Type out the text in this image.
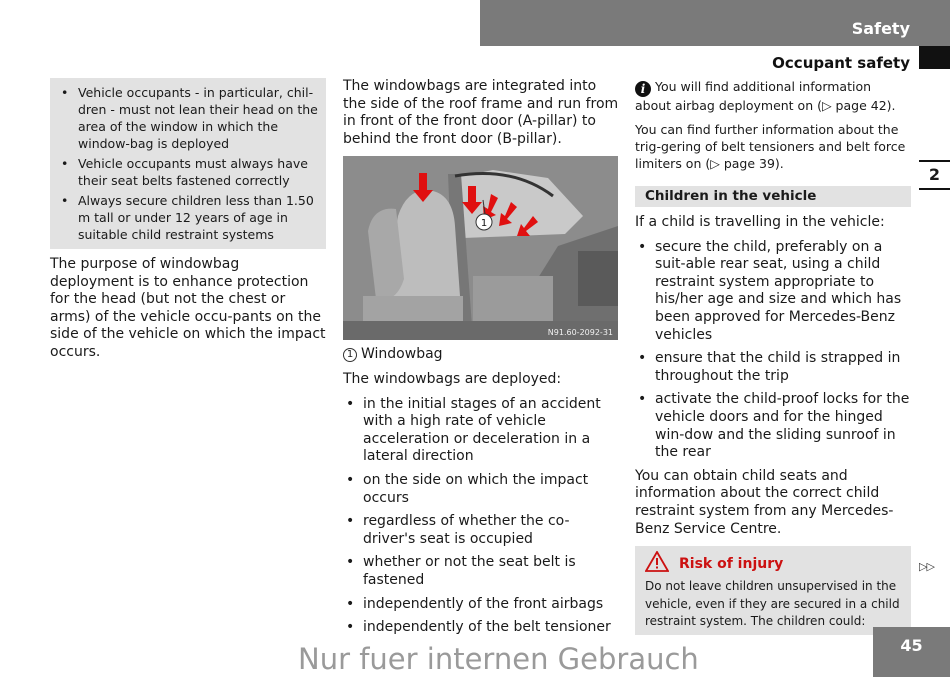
Safety
Occupant safety
2
• Vehicle occupants - in particular, chil-dren - must not lean their head on the area of the window in which the window-bag is deployed
• Vehicle occupants must always have their seat belts fastened correctly
• Always secure children less than 1.50 m tall or under 12 years of age in suitable child restraint systems
The purpose of windowbag deployment is to enhance protection for the head (but not the chest or arms) of the vehicle occu-pants on the side of the vehicle on which the impact occurs.
The windowbags are integrated into the side of the roof frame and run from in front of the front door (A-pillar) to behind the front door (B-pillar).
1
N91.60-2092-31
1 Windowbag
The windowbags are deployed:
• in the initial stages of an accident with a high rate of vehicle acceleration or deceleration in a lateral direction
• on the side on which the impact occurs
• regardless of whether the co-driver's seat is occupied
• whether or not the seat belt is fastened
• independently of the front airbags
• independently of the belt tensioner
i You will find additional information about airbag deployment on (▷ page 42).
You can find further information about the trig-gering of belt tensioners and belt force limiters on (▷ page 39).
Children in the vehicle
If a child is travelling in the vehicle:
• secure the child, preferably on a suit-able rear seat, using a child restraint system appropriate to his/her age and size and which has been approved for Mercedes-Benz vehicles
• ensure that the child is strapped in throughout the trip
• activate the child-proof locks for the vehicle doors and for the hinged win-dow and the sliding sunroof in the rear
You can obtain child seats and information about the correct child restraint system from any Mercedes-Benz Service Centre.
Risk of injury
Do not leave children unsupervised in the vehicle, even if they are secured in a child restraint system. The children could:
▷▷
45
Nur fuer internen Gebrauch
